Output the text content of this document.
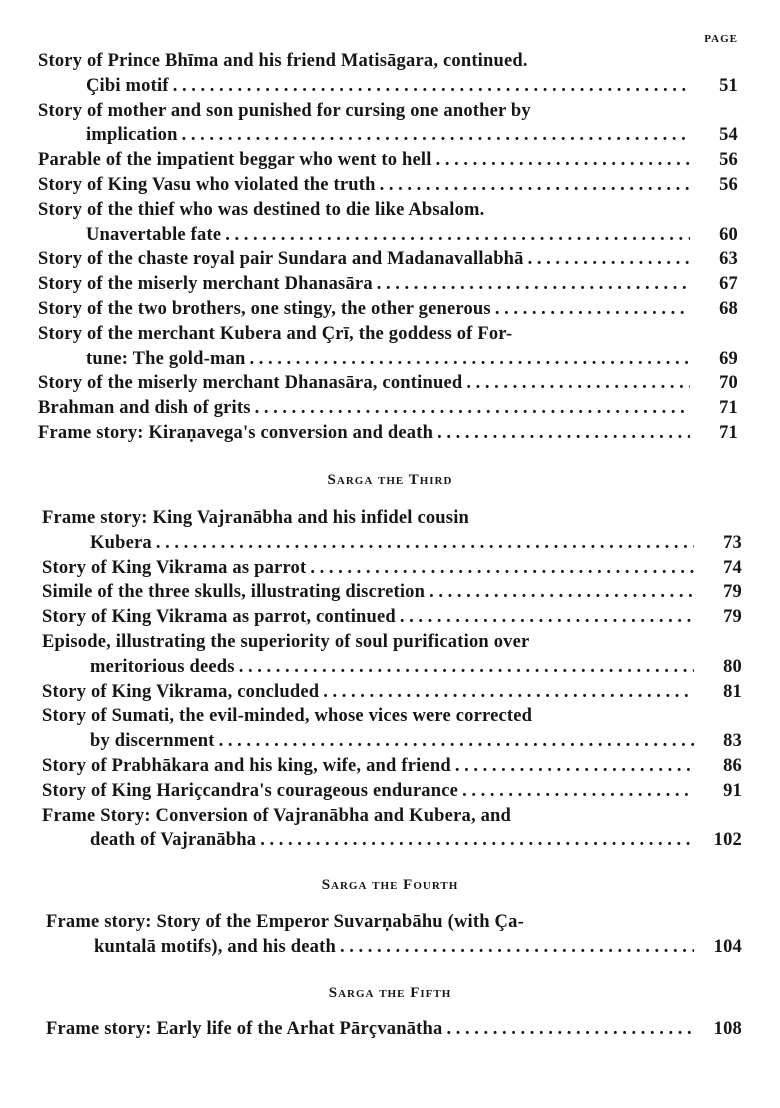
PAGE
Story of Prince Bhīma and his friend Matisāgara, continued.
Çibi motif . . .	51
Story of mother and son punished for cursing one another by
implication . . .	54
Parable of the impatient beggar who went to hell . . .	56
Story of King Vasu who violated the truth . . .	56
Story of the thief who was destined to die like Absalom.
Unavertable fate . . .	60
Story of the chaste royal pair Sundara and Madanavallabhā . . .	63
Story of the miserly merchant Dhanasāra . . .	67
Story of the two brothers, one stingy, the other generous . . .	68
Story of the merchant Kubera and Çrī, the goddess of For-
tune: The gold-man . . .	69
Story of the miserly merchant Dhanasāra, continued . . .	70
Brahman and dish of grits . . .	71
Frame story: Kiraṇavega's conversion and death . . .	71
Sarga the Third
Frame story: King Vajranābha and his infidel cousin
Kubera . . .	73
Story of King Vikrama as parrot . . .	74
Simile of the three skulls, illustrating discretion . . .	79
Story of King Vikrama as parrot, continued . . .	79
Episode, illustrating the superiority of soul purification over
meritorious deeds . . .	80
Story of King Vikrama, concluded . . .	81
Story of Sumati, the evil-minded, whose vices were corrected
by discernment . . .	83
Story of Prabhākara and his king, wife, and friend . . .	86
Story of King Hariçcandra's courageous endurance . . .	91
Frame Story: Conversion of Vajranābha and Kubera, and
death of Vajranābha . . .	102
Sarga the Fourth
Frame story: Story of the Emperor Suvarṇabāhu (with Ça-
kuntalā motifs), and his death . . .	104
Sarga the Fifth
Frame story: Early life of the Arhat Pārçvanātha . . .	108
